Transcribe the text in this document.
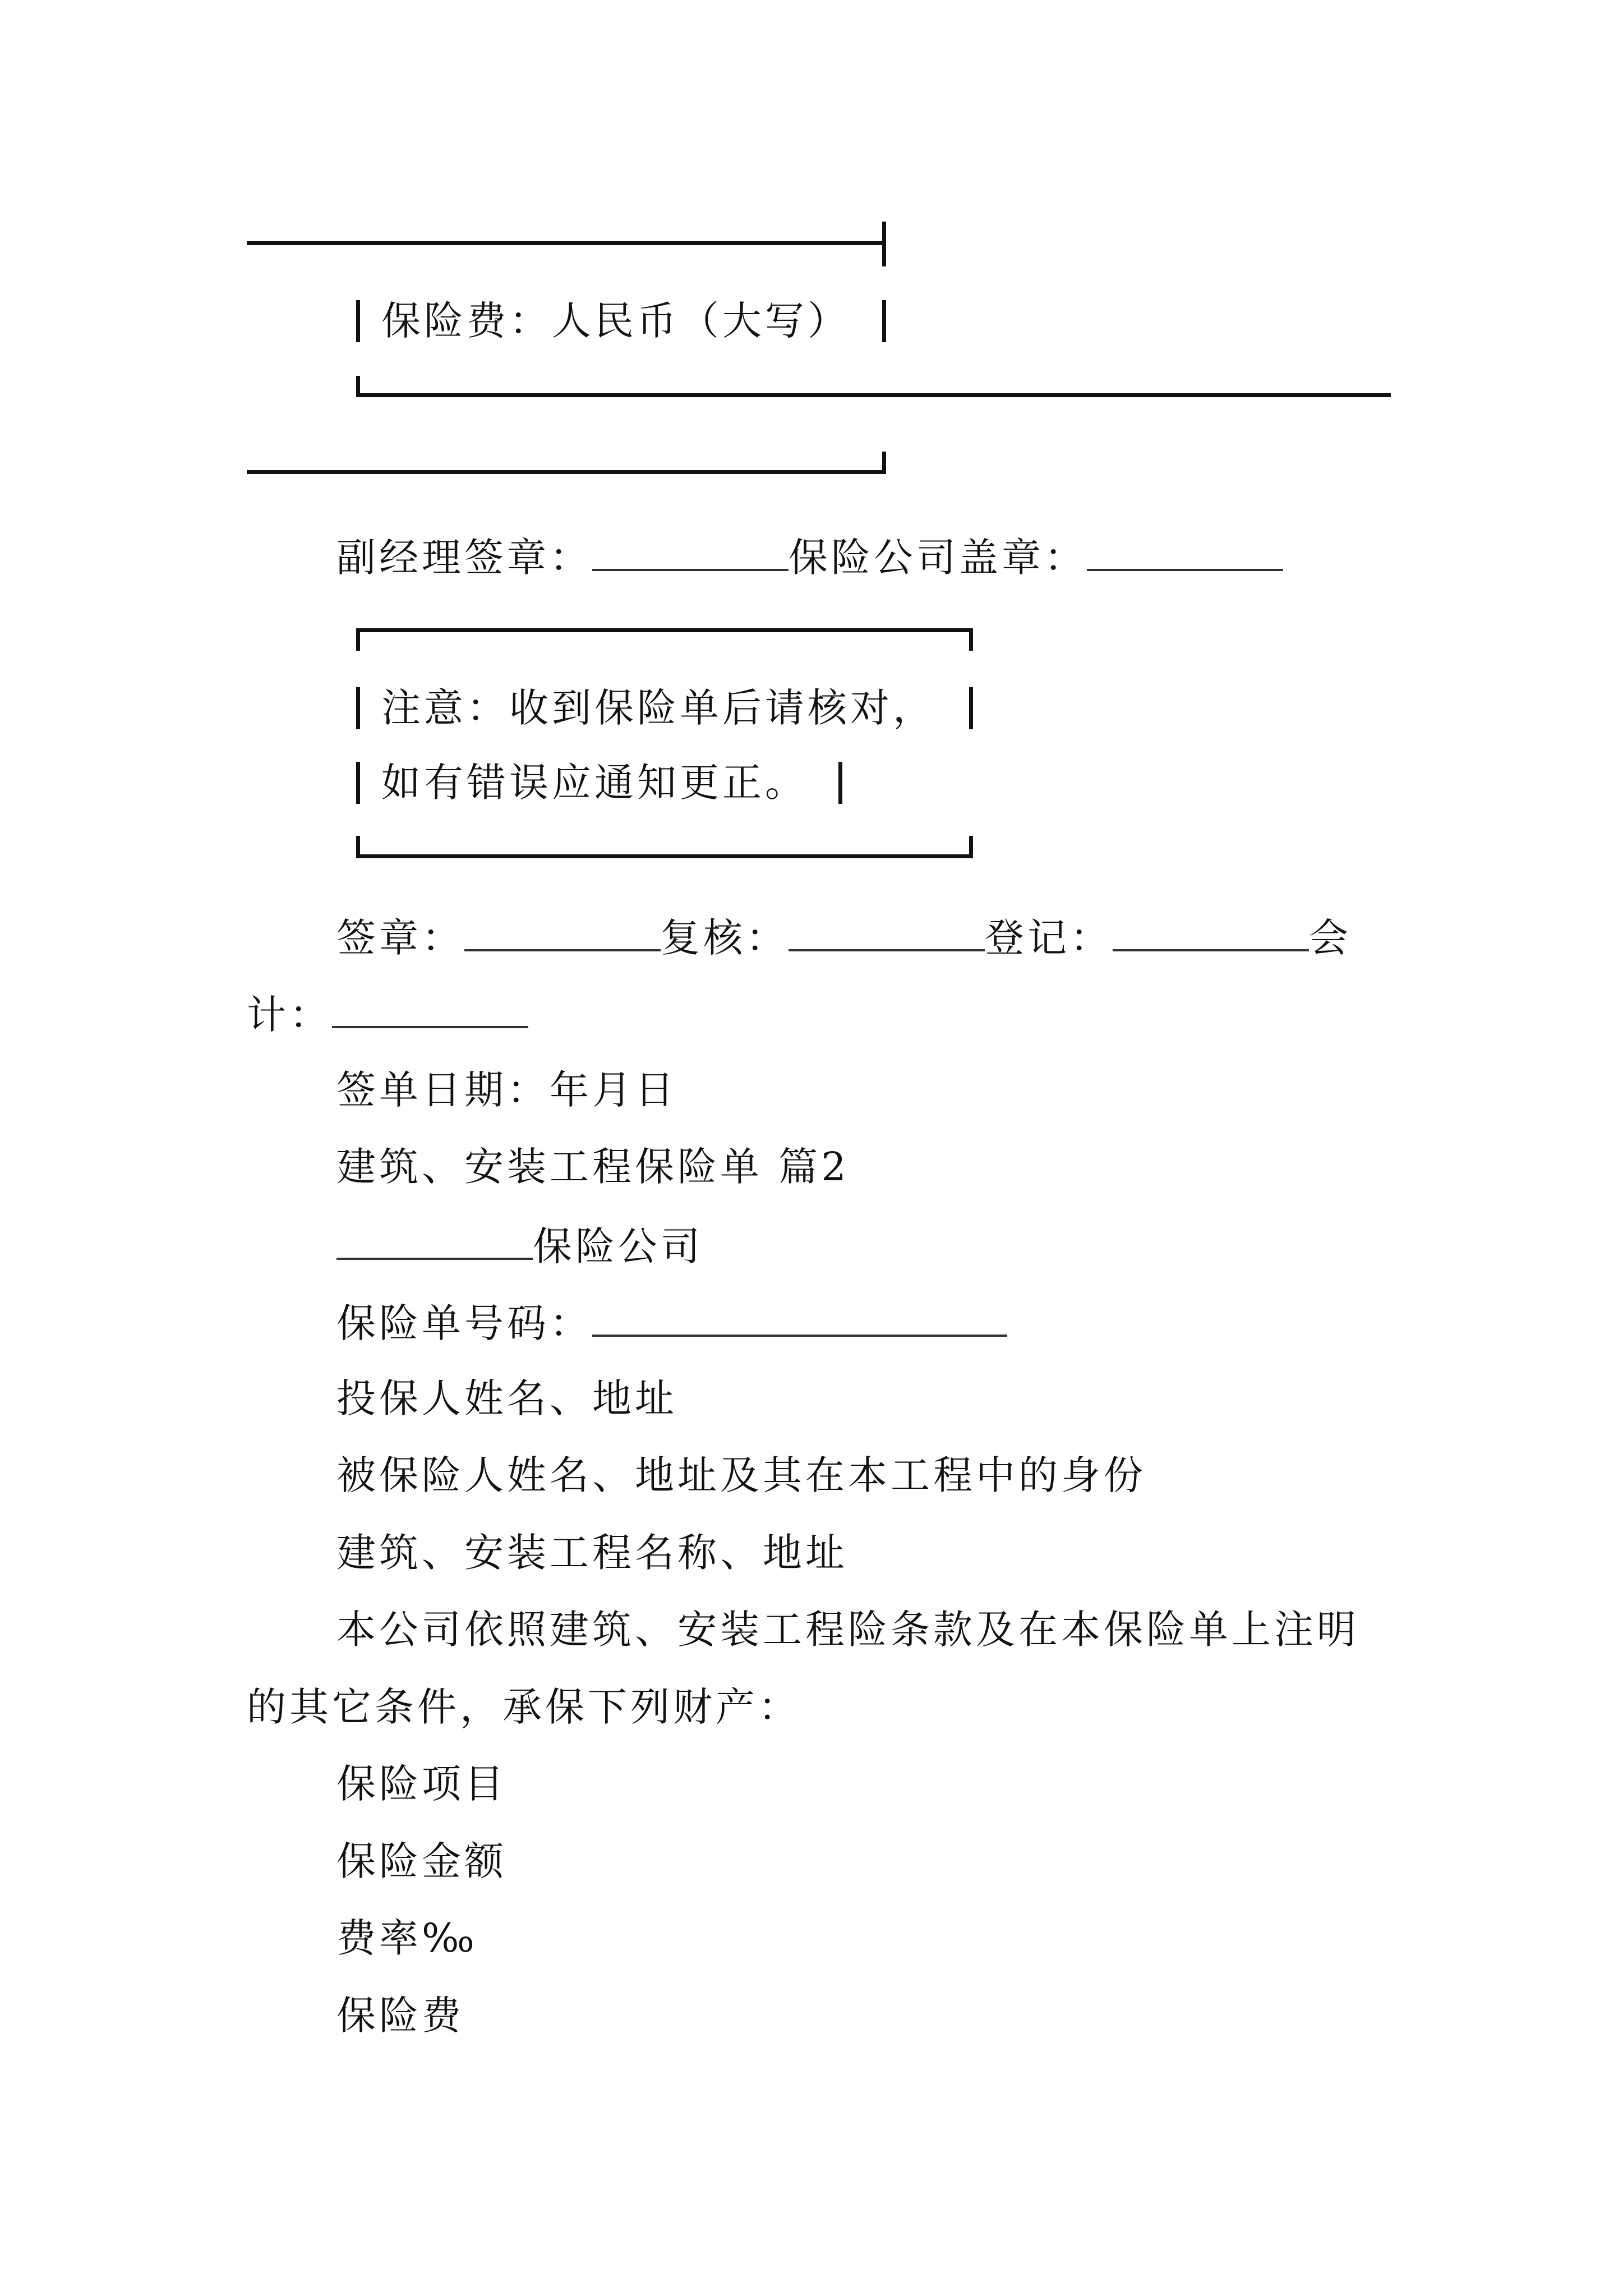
保险费：人民币（大写）
副经理签章：	保险公司盖章：
注意：收到保险单后请核对，
如有错误应通知更正。
签章：	复核：	登记：	会
计：
签单日期：年月日
建筑、安装工程保险单 篇2
保险公司
保险单号码：
投保人姓名、地址
被保险人姓名、地址及其在本工程中的身份
建筑、安装工程名称、地址
本公司依照建筑、安装工程险条款及在本保险单上注明
的其它条件，承保下列财产：
保险项目
保险金额
费率‰
保险费
